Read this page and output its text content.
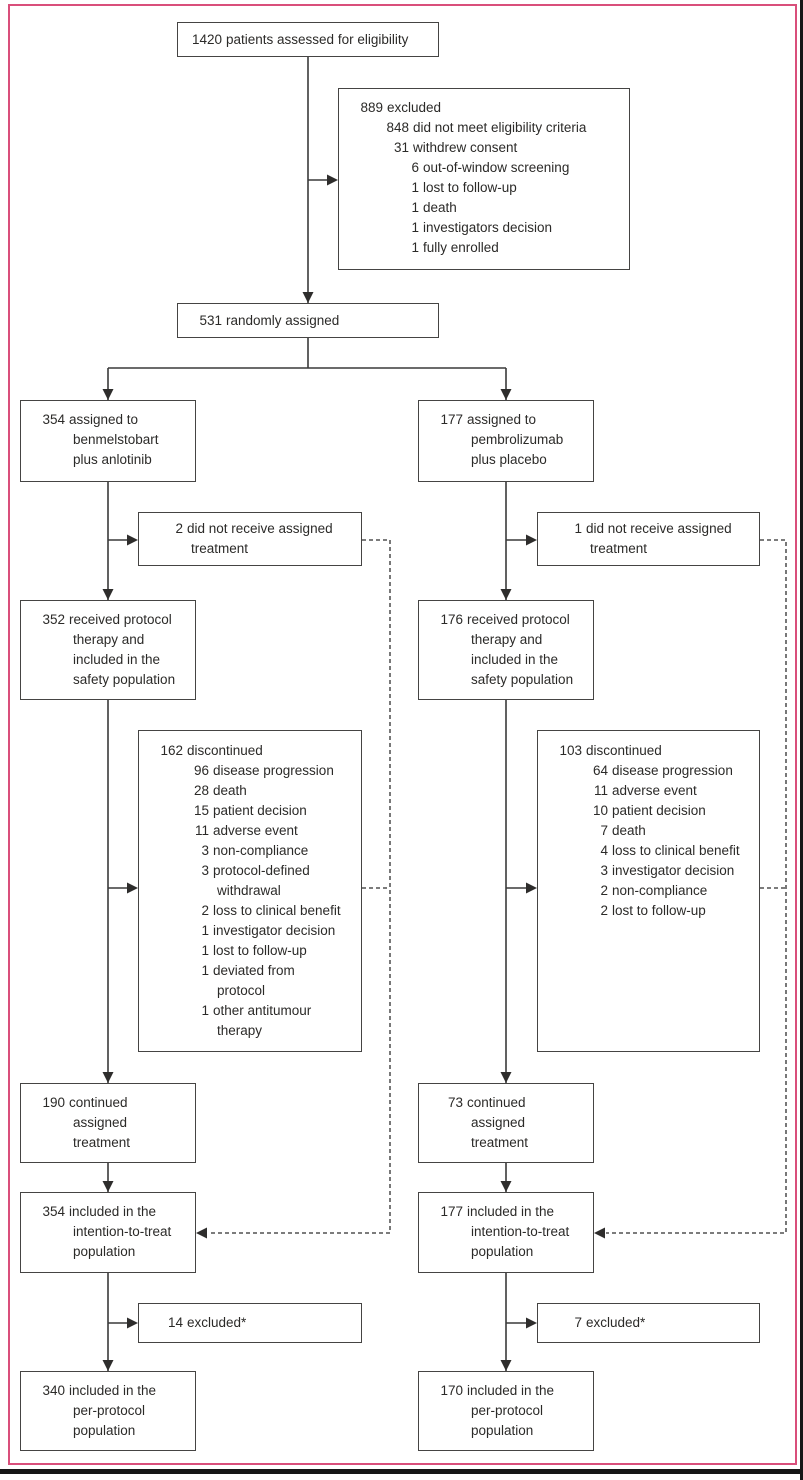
1420 patients assessed for eligibility
889 excluded
848 did not meet eligibility criteria
31 withdrew consent
6 out-of-window screening
1 lost to follow-up
1 death
1 investigators decision
1 fully enrolled
531 randomly assigned
354 assigned to
benmelstobart
plus anlotinib
177 assigned to
pembrolizumab
plus placebo
2 did not receive assigned
treatment
1 did not receive assigned
treatment
352 received protocol
therapy and
included in the
safety population
176 received protocol
therapy and
included in the
safety population
162 discontinued
96 disease progression
28 death
15 patient decision
11 adverse event
3 non-compliance
3 protocol-defined
withdrawal
2 loss to clinical benefit
1 investigator decision
1 lost to follow-up
1 deviated from
protocol
1 other antitumour
therapy
103 discontinued
64 disease progression
11 adverse event
10 patient decision
7 death
4 loss to clinical benefit
3 investigator decision
2 non-compliance
2 lost to follow-up
190 continued
assigned
treatment
73 continued
assigned
treatment
354 included in the
intention-to-treat
population
177 included in the
intention-to-treat
population
14 excluded*	7 excluded*
340 included in the
per-protocol
population
170 included in the
per-protocol
population
